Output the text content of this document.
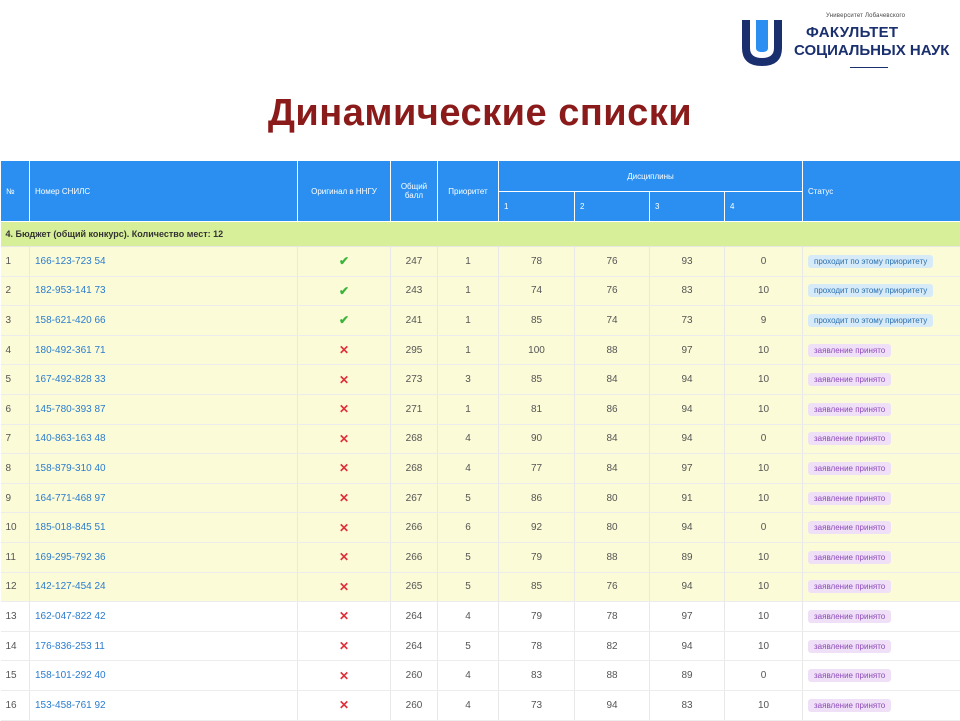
Университет Лобачевского
ФАКУЛЬТЕТ
СОЦИАЛЬНЫХ НАУК
Динамические списки
№	Номер СНИЛС	Оригинал в ННГУ	Общий балл	Приоритет	Дисциплины				Статус
					1	2	3	4	
4. Бюджет (общий конкурс). Количество мест: 12									
1	166-123-723 54	✔	247	1	78	76	93	0	проходит по этому приоритету
2	182-953-141 73	✔	243	1	74	76	83	10	проходит по этому приоритету
3	158-621-420 66	✔	241	1	85	74	73	9	проходит по этому приоритету
4	180-492-361 71	✕	295	1	100	88	97	10	заявление принято
5	167-492-828 33	✕	273	3	85	84	94	10	заявление принято
6	145-780-393 87	✕	271	1	81	86	94	10	заявление принято
7	140-863-163 48	✕	268	4	90	84	94	0	заявление принято
8	158-879-310 40	✕	268	4	77	84	97	10	заявление принято
9	164-771-468 97	✕	267	5	86	80	91	10	заявление принято
10	185-018-845 51	✕	266	6	92	80	94	0	заявление принято
11	169-295-792 36	✕	266	5	79	88	89	10	заявление принято
12	142-127-454 24	✕	265	5	85	76	94	10	заявление принято
13	162-047-822 42	✕	264	4	79	78	97	10	заявление принято
14	176-836-253 11	✕	264	5	78	82	94	10	заявление принято
15	158-101-292 40	✕	260	4	83	88	89	0	заявление принято
16	153-458-761 92	✕	260	4	73	94	83	10	заявление принято
